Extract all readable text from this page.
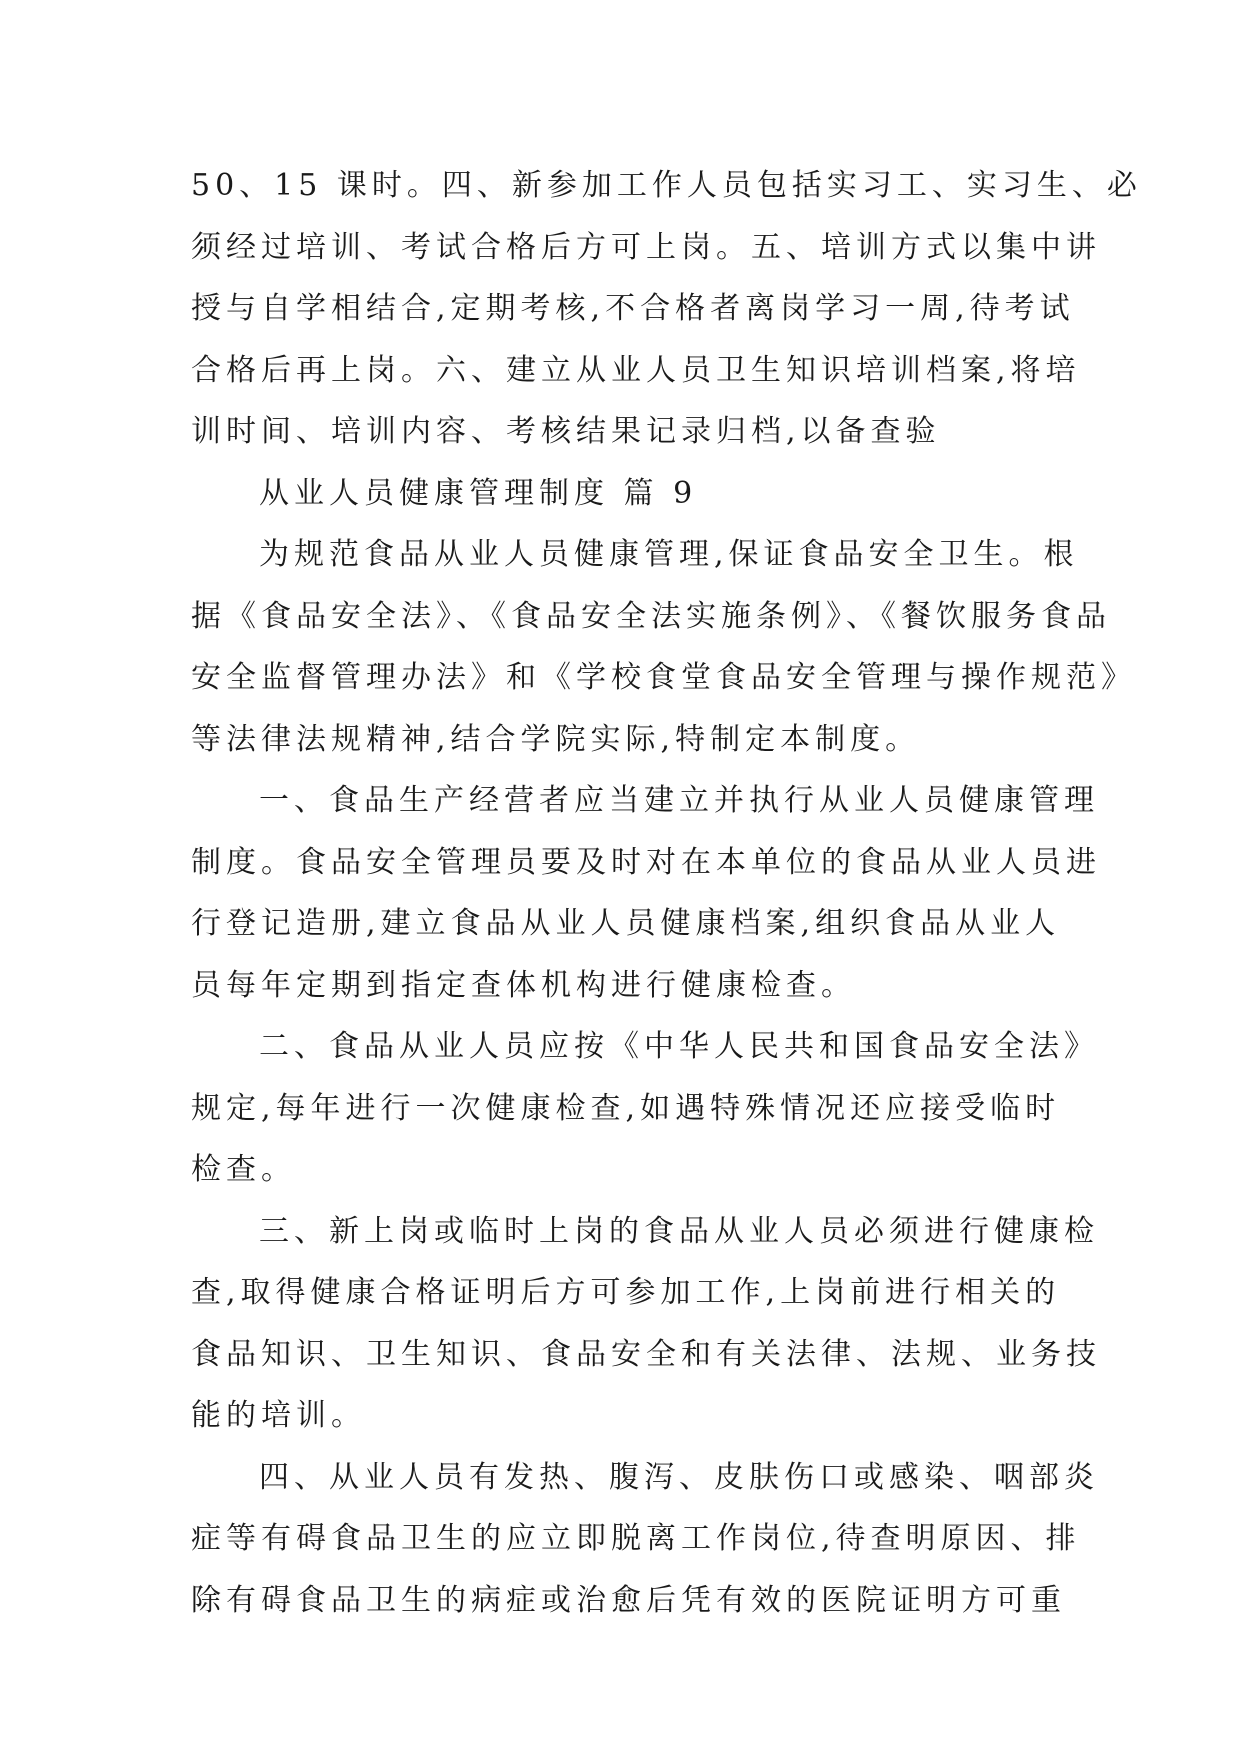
50、15 课时。四、新参加工作人员包括实习工、实习生、必
须经过培训、考试合格后方可上岗。五、培训方式以集中讲
授与自学相结合,定期考核,不合格者离岗学习一周,待考试
合格后再上岗。六、建立从业人员卫生知识培训档案,将培
训时间、培训内容、考核结果记录归档,以备查验
从业人员健康管理制度 篇 9
为规范食品从业人员健康管理,保证食品安全卫生。根
据《食品安全法》、《食品安全法实施条例》、《餐饮服务食品
安全监督管理办法》和《学校食堂食品安全管理与操作规范》
等法律法规精神,结合学院实际,特制定本制度。
一、食品生产经营者应当建立并执行从业人员健康管理
制度。食品安全管理员要及时对在本单位的食品从业人员进
行登记造册,建立食品从业人员健康档案,组织食品从业人
员每年定期到指定查体机构进行健康检查。
二、食品从业人员应按《中华人民共和国食品安全法》
规定,每年进行一次健康检查,如遇特殊情况还应接受临时
检查。
三、新上岗或临时上岗的食品从业人员必须进行健康检
查,取得健康合格证明后方可参加工作,上岗前进行相关的
食品知识、卫生知识、食品安全和有关法律、法规、业务技
能的培训。
四、从业人员有发热、腹泻、皮肤伤口或感染、咽部炎
症等有碍食品卫生的应立即脱离工作岗位,待查明原因、排
除有碍食品卫生的病症或治愈后凭有效的医院证明方可重
